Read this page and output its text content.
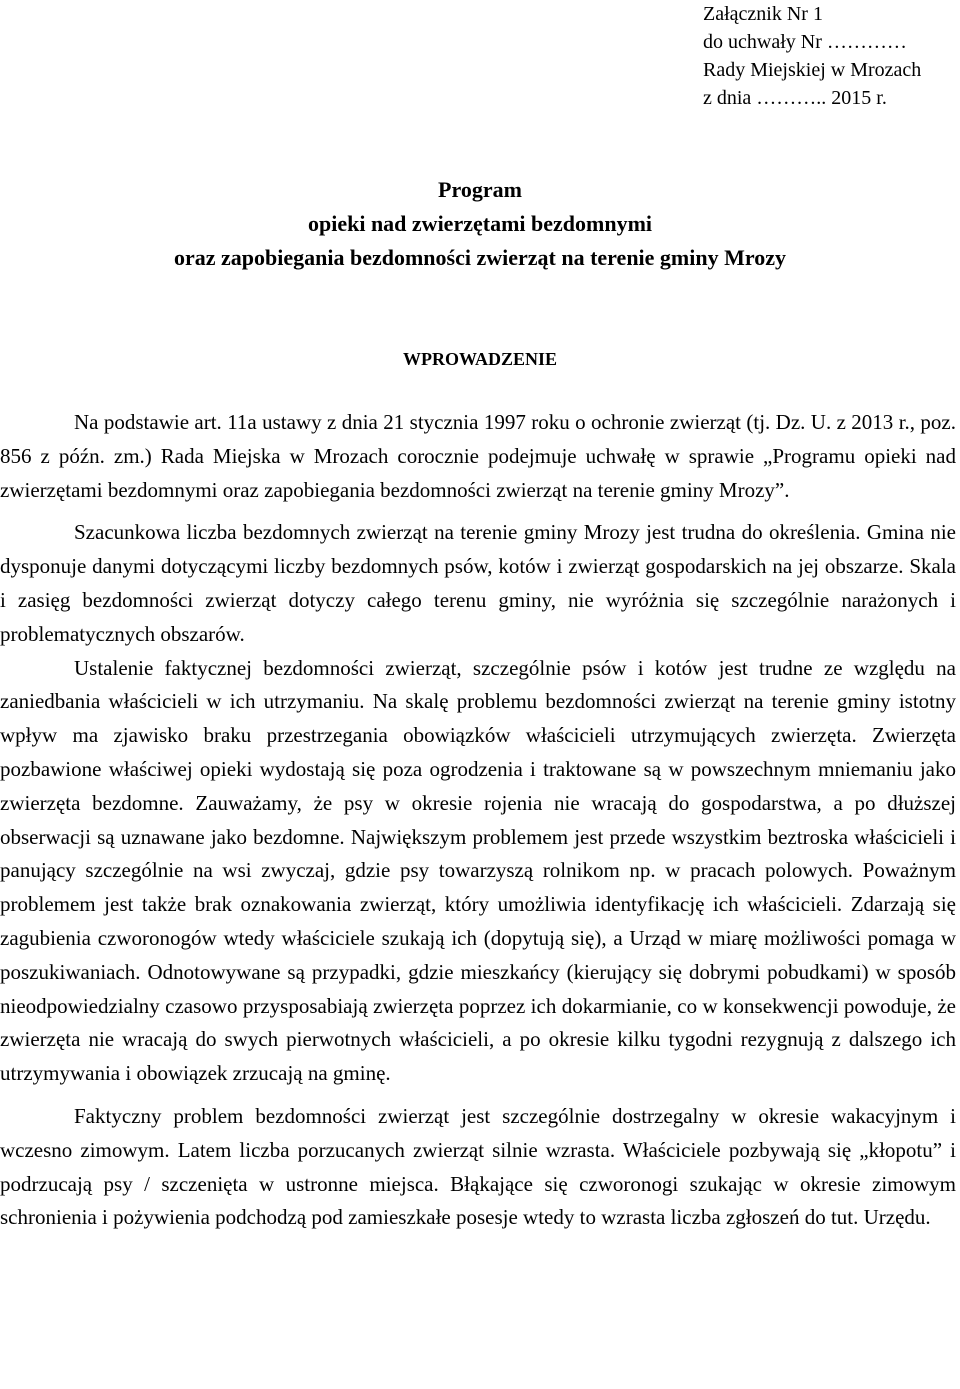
Załącznik Nr 1
do uchwały Nr …………
Rady Miejskiej w Mrozach
z dnia ……….. 2015 r.
Program
opieki nad zwierzętami bezdomnymi
oraz zapobiegania bezdomności zwierząt na terenie gminy Mrozy
WPROWADZENIE

Na podstawie art. 11a ustawy z dnia 21 stycznia 1997 roku o ochronie zwierząt (tj. Dz. U. z 2013 r., poz. 856 z późn. zm.) Rada Miejska w Mrozach corocznie podejmuje uchwałę w sprawie „Programu opieki nad zwierzętami bezdomnymi oraz zapobiegania bezdomności zwierząt na terenie gminy Mrozy”.

Szacunkowa liczba bezdomnych zwierząt na terenie gminy Mrozy jest trudna do określenia. Gmina nie dysponuje danymi dotyczącymi liczby bezdomnych psów, kotów i zwierząt gospodarskich na jej obszarze. Skala i zasięg bezdomności zwierząt dotyczy całego terenu gminy, nie wyróżnia się szczególnie narażonych i problematycznych obszarów.

Ustalenie faktycznej bezdomności zwierząt, szczególnie psów i kotów jest trudne ze względu na zaniedbania właścicieli w ich utrzymaniu. Na skalę problemu bezdomności zwierząt na terenie gminy istotny wpływ ma zjawisko braku przestrzegania obowiązków właścicieli utrzymujących zwierzęta. Zwierzęta pozbawione właściwej opieki wydostają się poza ogrodzenia i traktowane są w powszechnym mniemaniu jako zwierzęta bezdomne. Zauważamy, że psy w okresie rojenia nie wracają do gospodarstwa, a po dłuższej obserwacji są uznawane jako bezdomne. Największym problemem jest przede wszystkim beztroska właścicieli i panujący szczególnie na wsi zwyczaj, gdzie psy towarzyszą rolnikom np. w pracach polowych. Poważnym problemem jest także brak oznakowania zwierząt, który umożliwia identyfikację ich właścicieli. Zdarzają się zagubienia czworonogów wtedy właściciele szukają ich (dopytują się), a Urząd w miarę możliwości pomaga w poszukiwaniach. Odnotowywane są przypadki, gdzie mieszkańcy (kierujący się dobrymi pobudkami) w sposób nieodpowiedzialny czasowo przysposabiają zwierzęta poprzez ich dokarmianie, co w konsekwencji powoduje, że zwierzęta nie wracają do swych pierwotnych właścicieli, a po okresie kilku tygodni rezygnują z dalszego ich utrzymywania i obowiązek zrzucają na gminę.

Faktyczny problem bezdomności zwierząt jest szczególnie dostrzegalny w okresie wakacyjnym i wczesno zimowym. Latem liczba porzucanych zwierząt silnie wzrasta. Właściciele pozbywają się „kłopotu” i podrzucają psy / szczenięta w ustronne miejsca. Błąkające się czworonogi szukając w okresie zimowym schronienia i pożywienia podchodzą pod zamieszkałe posesje wtedy to wzrasta liczba zgłoszeń do tut. Urzędu.
